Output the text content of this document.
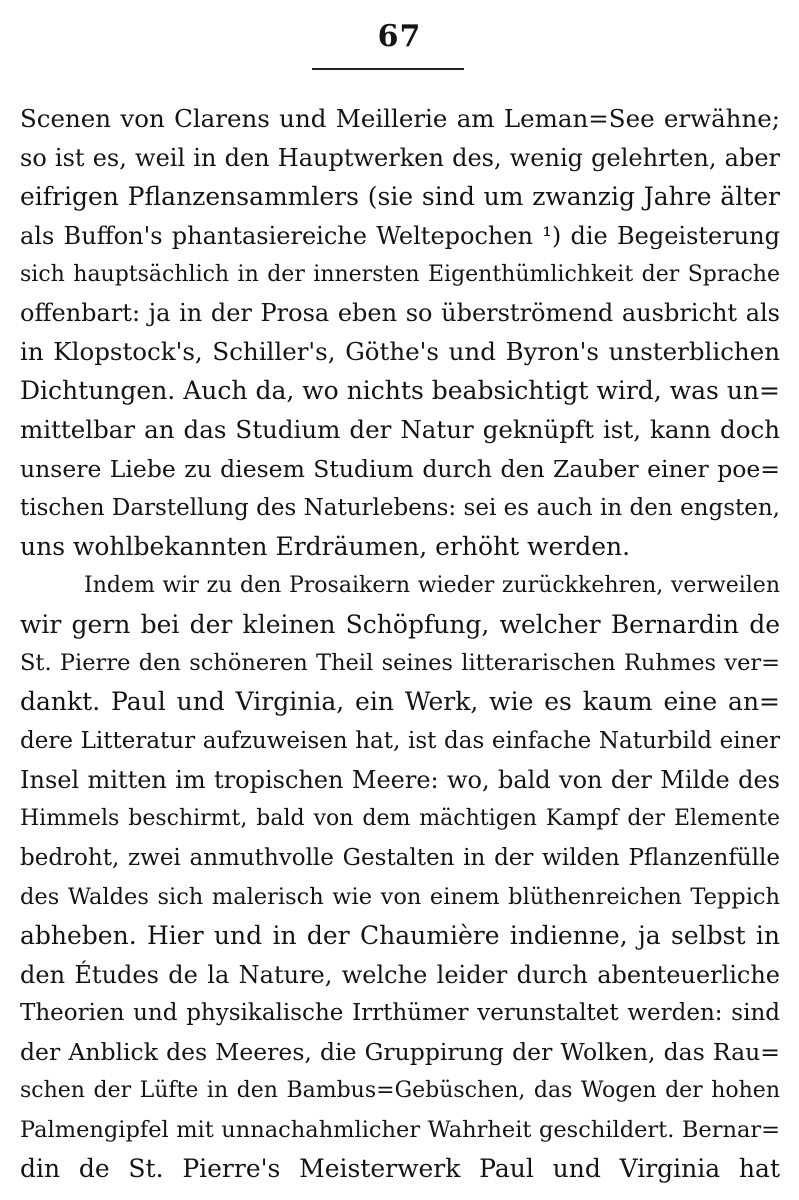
67
Scenen von Clarens und Meillerie am Leman=See erwähne;
so ist es, weil in den Hauptwerken des, wenig gelehrten, aber
eifrigen Pflanzensammlers (sie sind um zwanzig Jahre älter
als Buffon's phantasiereiche Weltepochen ¹) die Begeisterung
sich hauptsächlich in der innersten Eigenthümlichkeit der Sprache
offenbart: ja in der Prosa eben so überströmend ausbricht als
in Klopstock's, Schiller's, Göthe's und Byron's unsterblichen
Dichtungen. Auch da, wo nichts beabsichtigt wird, was un=
mittelbar an das Studium der Natur geknüpft ist, kann doch
unsere Liebe zu diesem Studium durch den Zauber einer poe=
tischen Darstellung des Naturlebens: sei es auch in den engsten,
uns wohlbekannten Erdräumen, erhöht werden.
Indem wir zu den Prosaikern wieder zurückkehren, verweilen
wir gern bei der kleinen Schöpfung, welcher Bernardin de
St. Pierre den schöneren Theil seines litterarischen Ruhmes ver=
dankt. Paul und Virginia, ein Werk, wie es kaum eine an=
dere Litteratur aufzuweisen hat, ist das einfache Naturbild einer
Insel mitten im tropischen Meere: wo, bald von der Milde des
Himmels beschirmt, bald von dem mächtigen Kampf der Elemente
bedroht, zwei anmuthvolle Gestalten in der wilden Pflanzenfülle
des Waldes sich malerisch wie von einem blüthenreichen Teppich
abheben. Hier und in der Chaumière indienne, ja selbst in
den Études de la Nature, welche leider durch abenteuerliche
Theorien und physikalische Irrthümer verunstaltet werden: sind
der Anblick des Meeres, die Gruppirung der Wolken, das Rau=
schen der Lüfte in den Bambus=Gebüschen, das Wogen der hohen
Palmengipfel mit unnachahmlicher Wahrheit geschildert. Bernar=
din de St. Pierre's Meisterwerk Paul und Virginia hat
